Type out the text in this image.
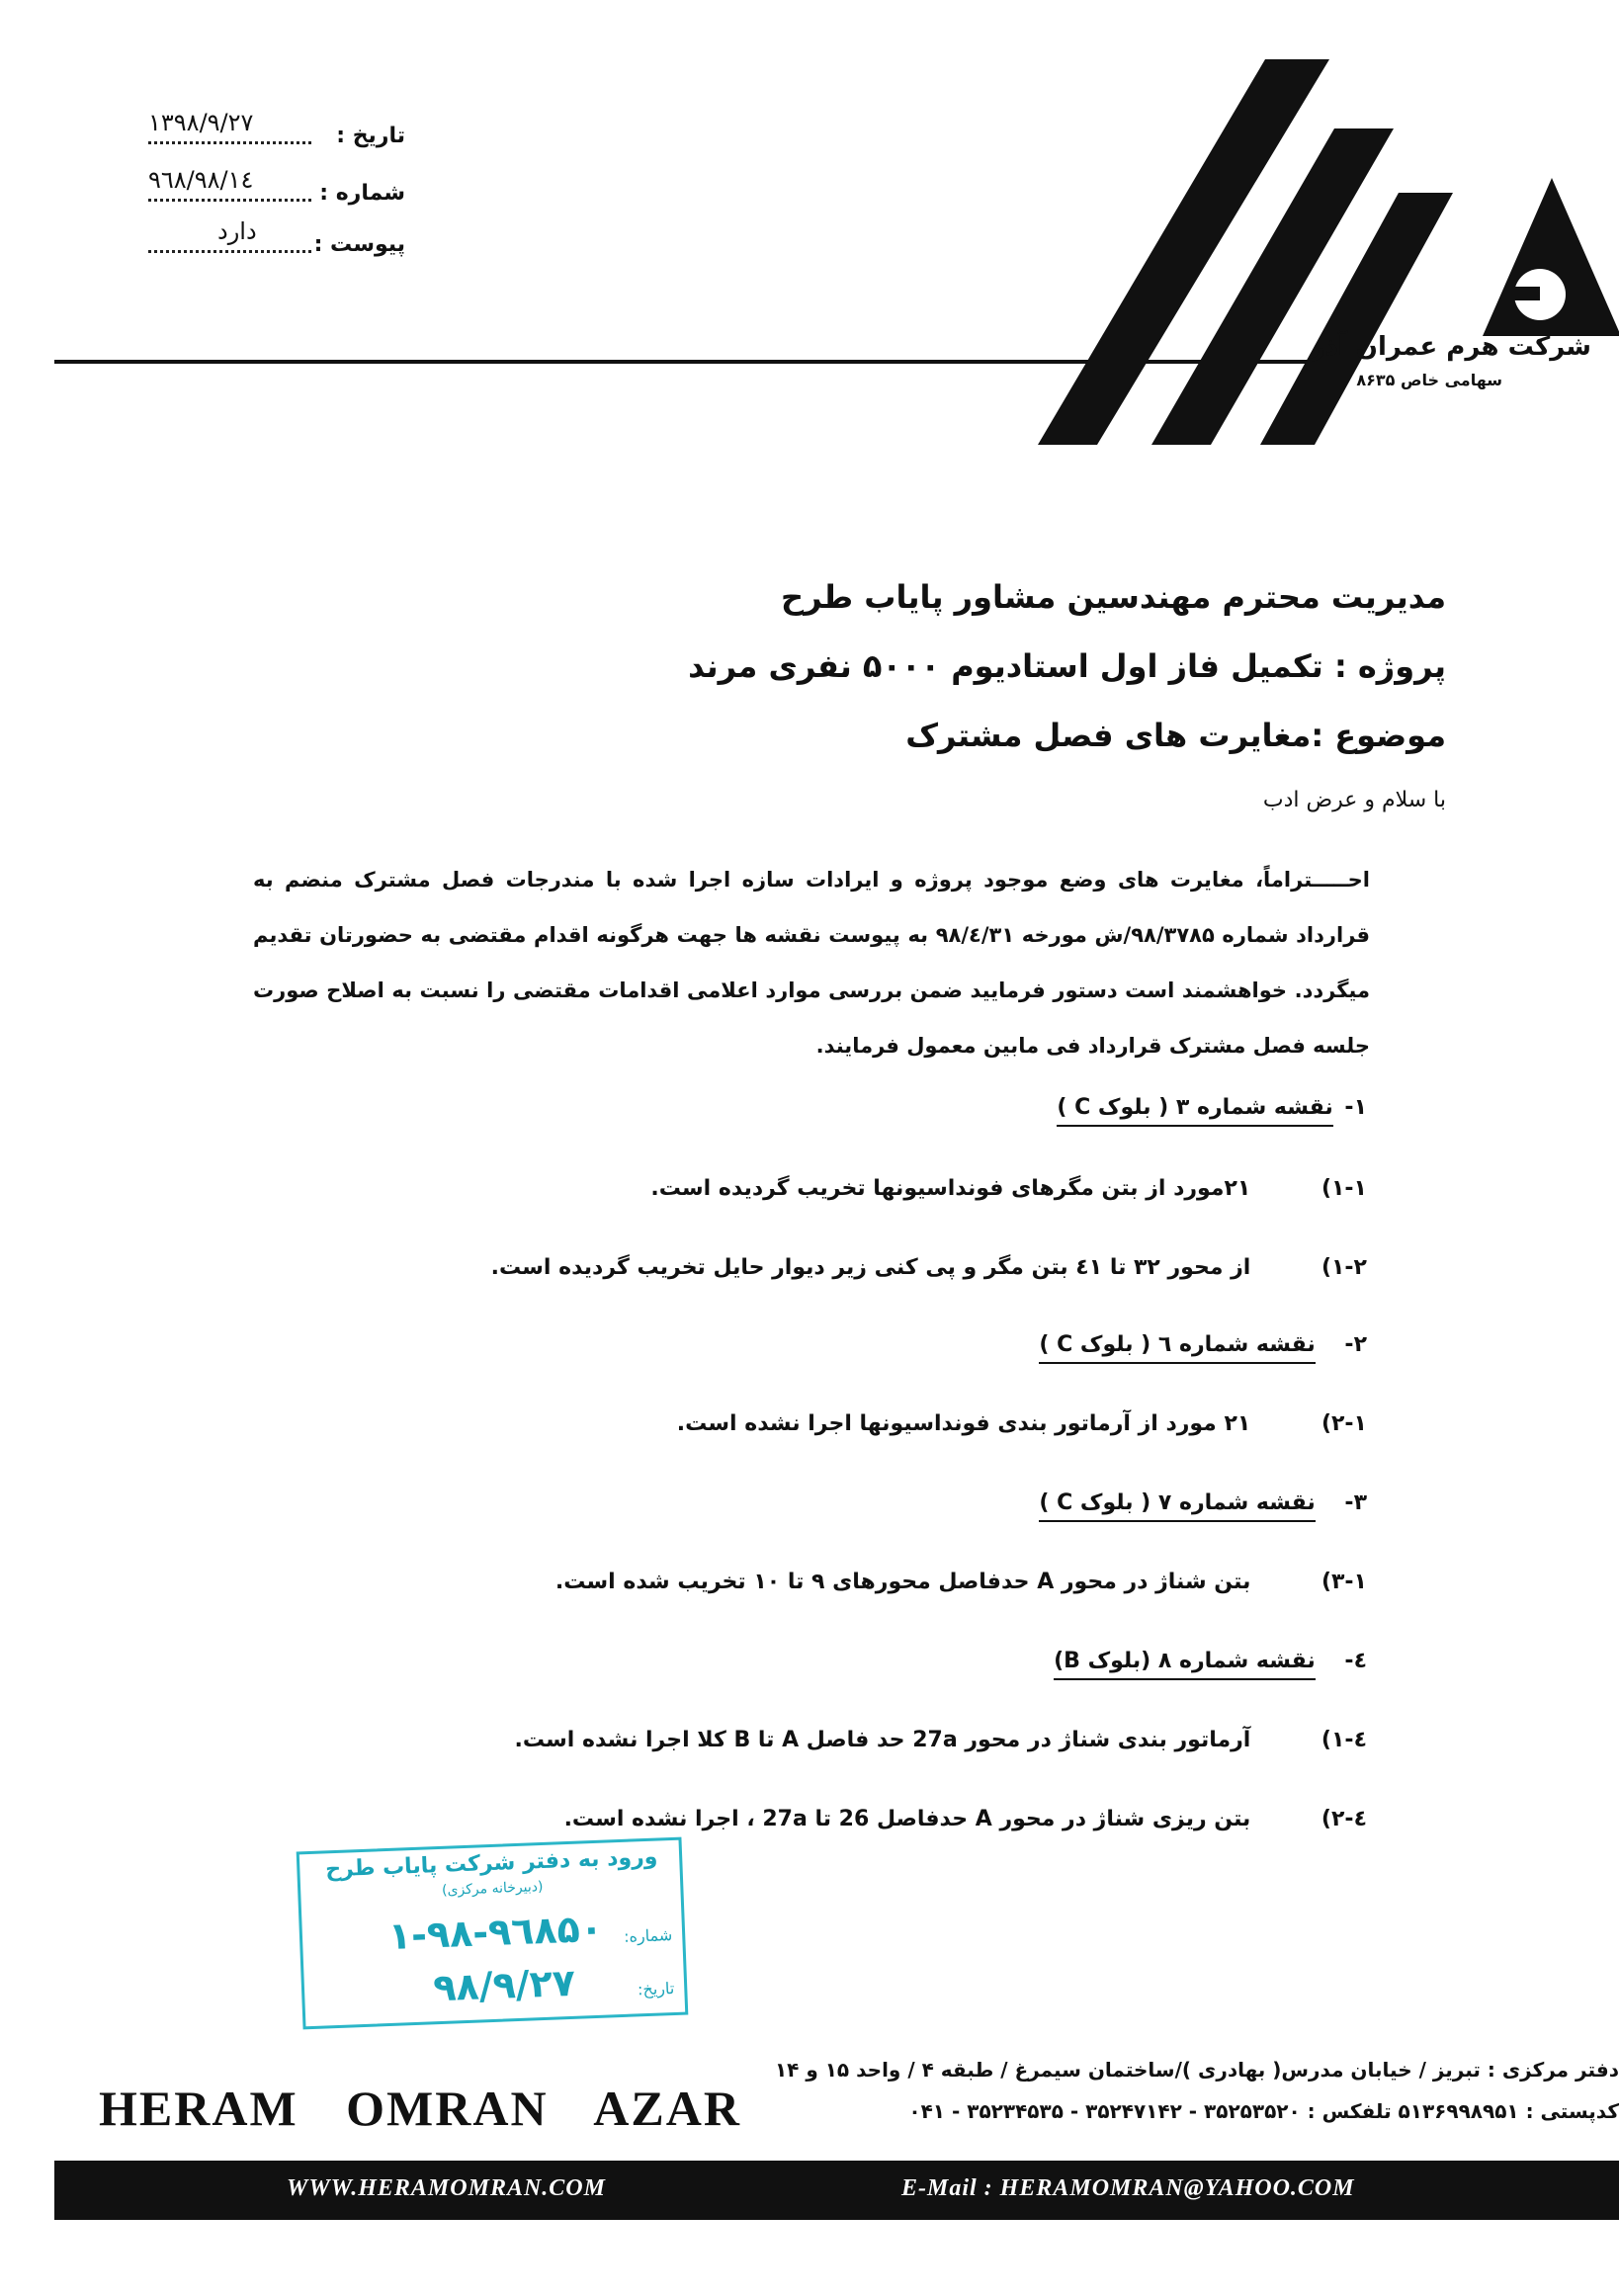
تاریخ :
۱۳۹۸/۹/۲۷
شماره :
۹٦۸/۹۸/۱٤
پیوست :
دارد
شرکت هرم عمران آذر
سهامی خاص ۸۶۳۵
مدیریت محترم مهندسین مشاور پایاب طرح
پروژه : تکمیل فاز اول استادیوم ۵۰۰۰ نفری مرند
موضوع :مغایرت های فصل مشترک
با سلام و عرض ادب
احـــــتراماً، مغایرت های وضع موجود پروژه و ایرادات سازه اجرا شده با مندرجات فصل مشترک منضم به قرارداد شماره ۹۸/۳۷۸۵/ش مورخه ۹۸/٤/۳۱ به پیوست نقشه ها جهت هرگونه اقدام مقتضی به حضورتان تقدیم میگردد. خواهشمند است دستور فرمایید ضمن بررسی موارد اعلامی اقدامات مقتضی را نسبت به اصلاح صورت جلسه فصل مشترک قرارداد فی مابین معمول فرمایند.
۱- نقشه شماره ۳ ( بلوک C )
۱-۱) ۲۱مورد از بتن مگرهای فونداسیونها تخریب گردیده است.
۱-۲) از محور ۳۲ تا ٤۱ بتن مگر و پی کنی زیر دیوار حایل تخریب گردیده است.
۲- نقشه شماره ٦ ( بلوک C )
۲-۱) ۲۱ مورد از آرماتور بندی فونداسیونها اجرا نشده است.
۳- نقشه شماره ۷ ( بلوک C )
۳-۱) بتن شناژ در محور A حدفاصل محورهای ۹ تا ۱۰ تخریب شده است.
٤- نقشه شماره ۸ (بلوک B)
٤-۱) آرماتور بندی شناژ در محور 27a حد فاصل A تا B کلا اجرا نشده است.
٤-۲) بتن ریزی شناژ در محور A حدفاصل 26 تا 27a ، اجرا نشده است.
ورود به دفتر شرکت پایاب طرح
(دبیرخانه مرکزی)
شماره:
۱-۹۸-۹٦۸۵۰
تاریخ:
۹۸/۹/۲۷
دفتر مرکزی : تبریز / خیابان مدرس( بهادری )/ساختمان سیمرغ / طبقه ۴ / واحد ۱۵ و ۱۴
کدپستی : ۵۱۳۶۹۹۸۹۵۱ تلفکس : ۳۵۲۵۳۵۲۰ - ۳۵۲۴۷۱۴۲ - ۳۵۲۳۴۵۳۵ - ۰۴۱
HERAM OMRAN AZAR
WWW.HERAMOMRAN.COM	E-Mail : HERAMOMRAN@YAHOO.COM
